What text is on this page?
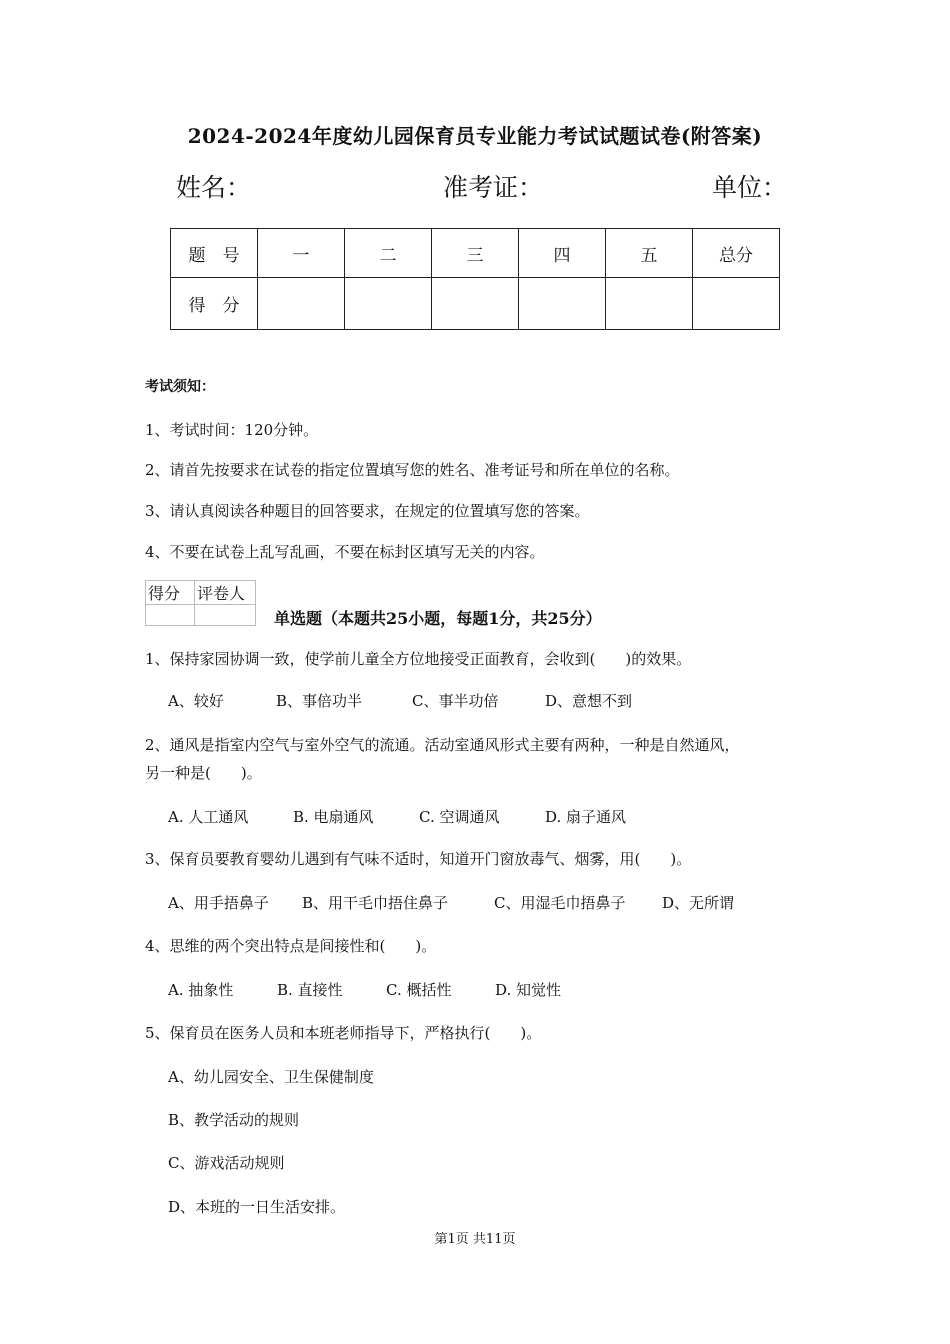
2024-2024年度幼儿园保育员专业能力考试试题试卷(附答案)
姓名：	准考证：	单位：
题　号	一	二	三	四	五	总分
得　分						
考试须知：
1、考试时间：120分钟。
2、请首先按要求在试卷的指定位置填写您的姓名、准考证号和所在单位的名称。
3、请认真阅读各种题目的回答要求，在规定的位置填写您的答案。
4、不要在试卷上乱写乱画，不要在标封区填写无关的内容。
得分	评卷人

单选题（本题共25小题，每题1分，共25分）
1、保持家园协调一致，使学前儿童全方位地接受正面教育，会收到(　　)的效果。
A、较好	B、事倍功半	C、事半功倍	D、意想不到
2、通风是指室内空气与室外空气的流通。活动室通风形式主要有两种，一种是自然通风，
另一种是(　　)。
A. 人工通风	B. 电扇通风	C. 空调通风	D. 扇子通风
3、保育员要教育婴幼儿遇到有气味不适时，知道开门窗放毒气、烟雾，用(　　)。
A、用手捂鼻子 B、用干毛巾捂住鼻子	C、用湿毛巾捂鼻子 D、无所谓
4、思维的两个突出特点是间接性和(　　)。
A. 抽象性	B. 直接性	C. 概括性	D. 知觉性
5、保育员在医务人员和本班老师指导下，严格执行(　　)。
A、幼儿园安全、卫生保健制度
B、教学活动的规则
C、游戏活动规则
D、本班的一日生活安排。
第1页 共11页
